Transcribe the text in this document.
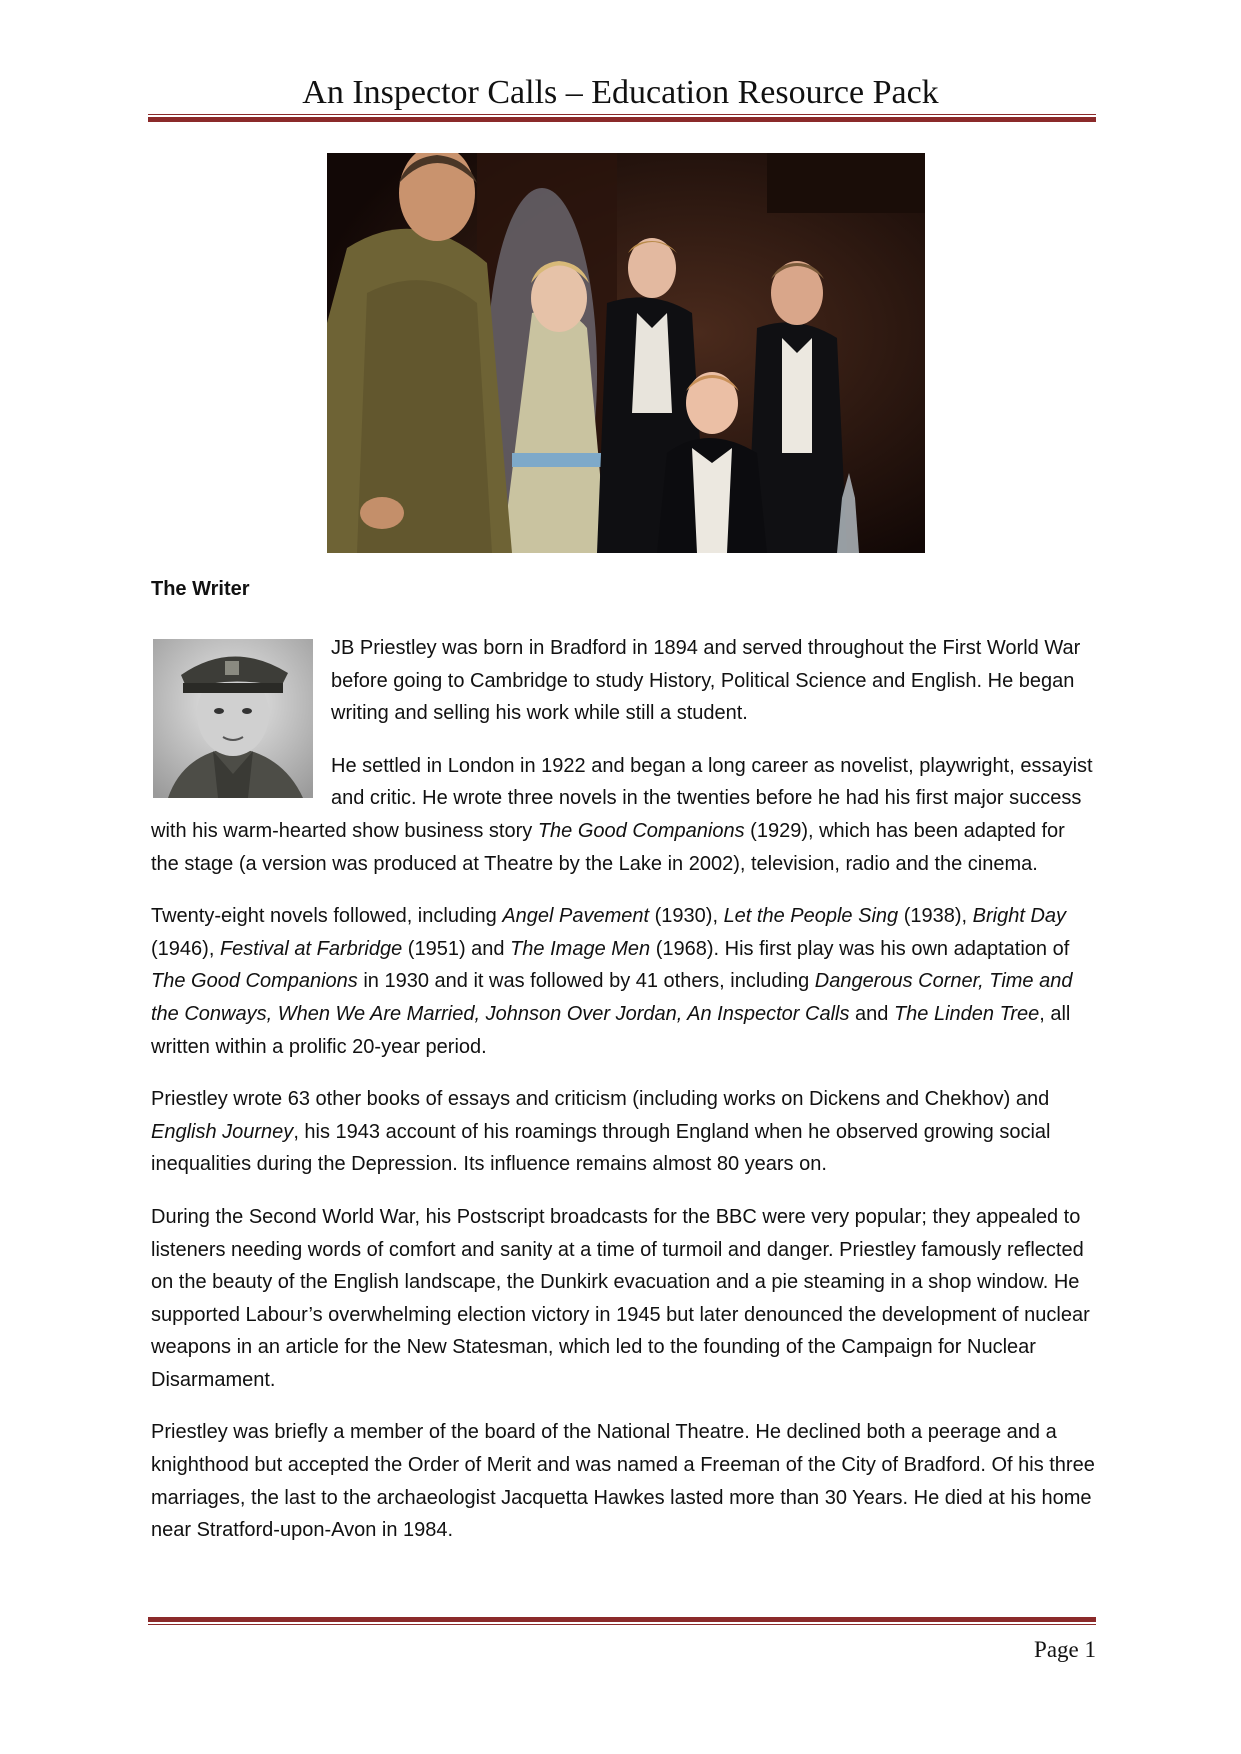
An Inspector Calls – Education Resource Pack
The Writer

JB Priestley was born in Bradford in 1894 and served throughout the First World War before going to Cambridge to study History, Political Science and English. He began writing and selling his work while still a student.

He settled in London in 1922 and began a long career as novelist, playwright, essayist and critic. He wrote three novels in the twenties before he had his first major success with his warm-hearted show business story The Good Companions (1929), which has been adapted for the stage (a version was produced at Theatre by the Lake in 2002), television, radio and the cinema.

Twenty-eight novels followed, including Angel Pavement (1930), Let the People Sing (1938), Bright Day (1946), Festival at Farbridge (1951) and The Image Men (1968). His first play was his own adaptation of The Good Companions in 1930 and it was followed by 41 others, including Dangerous Corner, Time and the Conways, When We Are Married, Johnson Over Jordan, An Inspector Calls and The Linden Tree, all written within a prolific 20-year period.

Priestley wrote 63 other books of essays and criticism (including works on Dickens and Chekhov) and English Journey, his 1943 account of his roamings through England when he observed growing social inequalities during the Depression. Its influence remains almost 80 years on.

During the Second World War, his Postscript broadcasts for the BBC were very popular; they appealed to listeners needing words of comfort and sanity at a time of turmoil and danger. Priestley famously reflected on the beauty of the English landscape, the Dunkirk evacuation and a pie steaming in a shop window. He supported Labour’s overwhelming election victory in 1945 but later denounced the development of nuclear weapons in an article for the New Statesman, which led to the founding of the Campaign for Nuclear Disarmament.

Priestley was briefly a member of the board of the National Theatre. He declined both a peerage and a knighthood but accepted the Order of Merit and was named a Freeman of the City of Bradford. Of his three marriages, the last to the archaeologist Jacquetta Hawkes lasted more than 30 Years. He died at his home near Stratford-upon-Avon in 1984.

Page 1
